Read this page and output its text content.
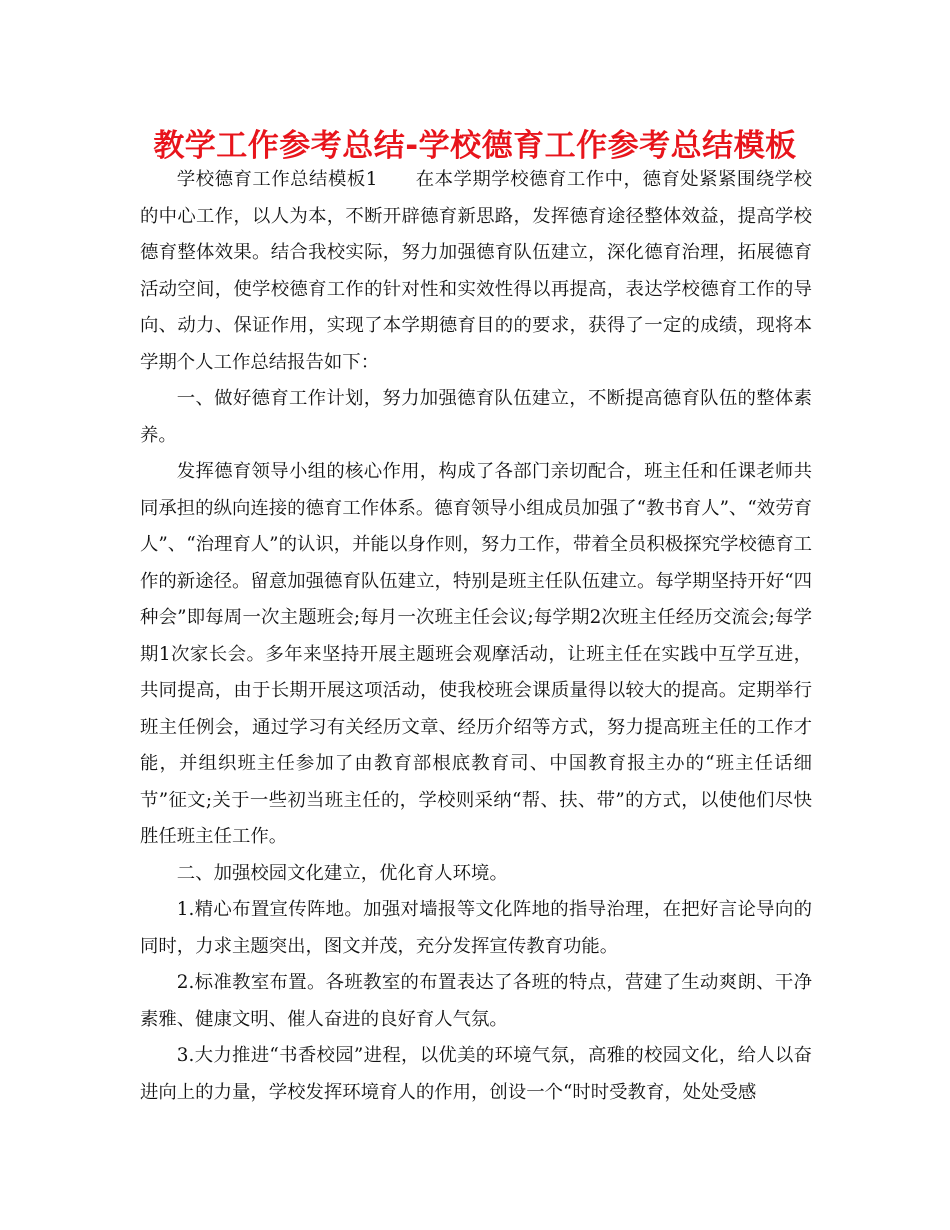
教学工作参考总结-学校德育工作参考总结模板

学校德育工作总结模板1　　在本学期学校德育工作中，德育处紧紧围绕学校的中心工作，以人为本，不断开辟德育新思路，发挥德育途径整体效益，提高学校德育整体效果。结合我校实际，努力加强德育队伍建立，深化德育治理，拓展德育活动空间，使学校德育工作的针对性和实效性得以再提高，表达学校德育工作的导向、动力、保证作用，实现了本学期德育目的的要求，获得了一定的成绩，现将本学期个人工作总结报告如下：

一、做好德育工作计划，努力加强德育队伍建立，不断提高德育队伍的整体素养。

发挥德育领导小组的核心作用，构成了各部门亲切配合，班主任和任课老师共同承担的纵向连接的德育工作体系。德育领导小组成员加强了“教书育人”、“效劳育人”、“治理育人”的认识，并能以身作则，努力工作，带着全员积极探究学校德育工作的新途径。留意加强德育队伍建立，特别是班主任队伍建立。每学期坚持开好“四种会”即每周一次主题班会;每月一次班主任会议;每学期2次班主任经历交流会;每学期1次家长会。多年来坚持开展主题班会观摩活动，让班主任在实践中互学互进，共同提高，由于长期开展这项活动，使我校班会课质量得以较大的提高。定期举行班主任例会，通过学习有关经历文章、经历介绍等方式，努力提高班主任的工作才能，并组织班主任参加了由教育部根底教育司、中国教育报主办的“班主任话细节”征文;关于一些初当班主任的，学校则采纳“帮、扶、带”的方式，以使他们尽快胜任班主任工作。

二、加强校园文化建立，优化育人环境。

1.精心布置宣传阵地。加强对墙报等文化阵地的指导治理，在把好言论导向的同时，力求主题突出，图文并茂，充分发挥宣传教育功能。

2.标准教室布置。各班教室的布置表达了各班的特点，营建了生动爽朗、干净素雅、健康文明、催人奋进的良好育人气氛。

3.大力推进“书香校园”进程，以优美的环境气氛，高雅的校园文化，给人以奋进向上的力量，学校发挥环境育人的作用，创设一个“时时受教育，处处受感
